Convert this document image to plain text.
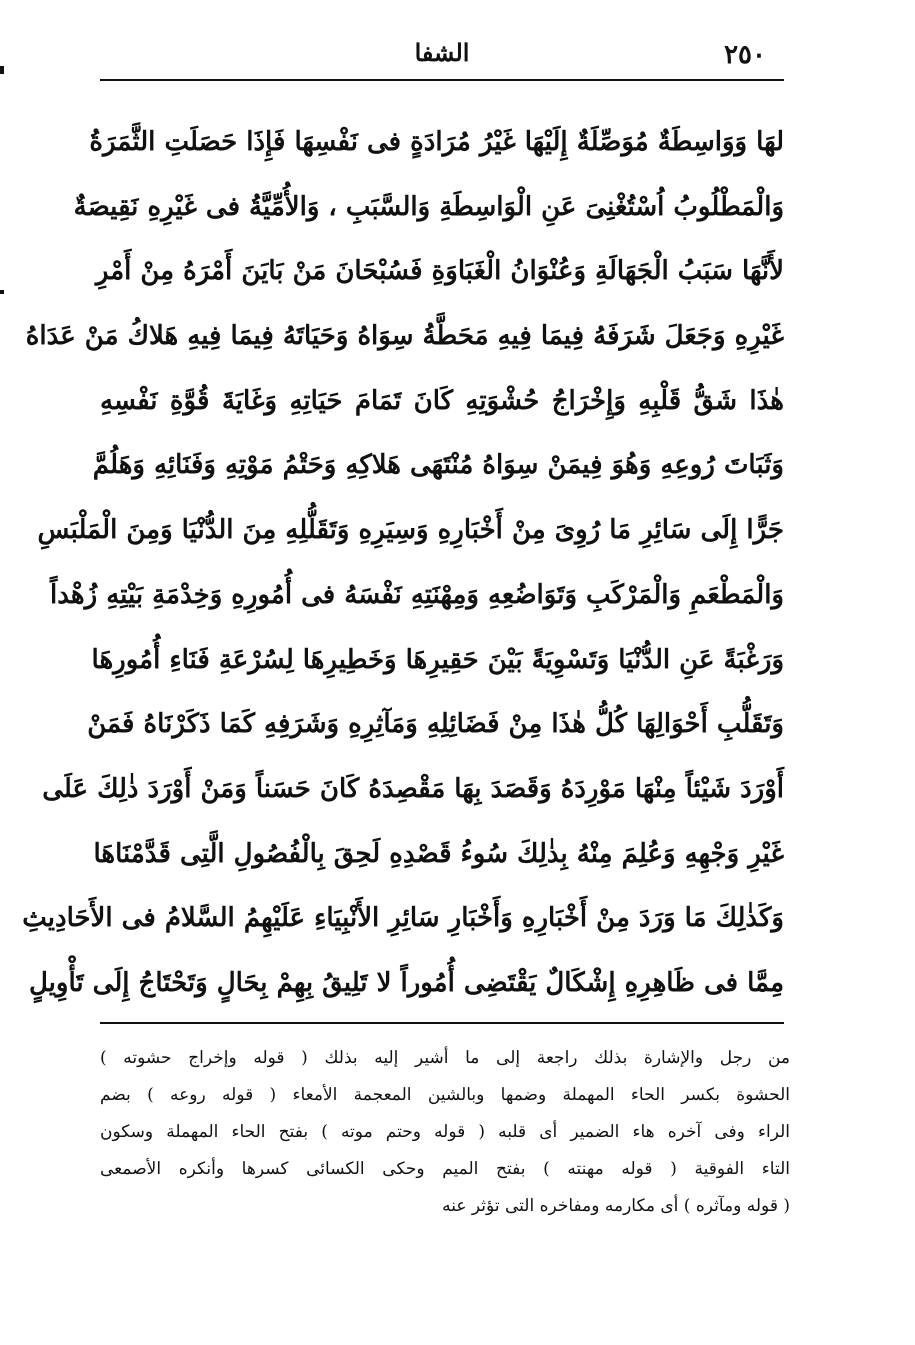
٢٥٠
الشفا
لهَا وَوَاسِطَةٌ مُوَصِّلَةٌ إِلَيْهَا غَيْرُ مُرَادَةٍ فى نَفْسِهَا فَإِذَا حَصَلَتِ الثَّمَرَةُ
وَالْمَطْلُوبُ اُسْتُغْنِىَ عَنِ الْوَاسِطَةِ وَالسَّبَبِ ، وَالأُمِّيَّةُ فى غَيْرِهِ نَقِيصَةٌ
لأَنَّهَا سَبَبُ الْجَهَالَةِ وَعُنْوَانُ الْغَبَاوَةِ فَسُبْحَانَ مَنْ بَايَنَ أَمْرَهُ مِنْ أَمْرِ
غَيْرِهِ وَجَعَلَ شَرَفَهُ فِيمَا فِيهِ مَحَطَّةُ سِوَاهُ وَحَيَاتَهُ فِيمَا فِيهِ هَلاكُ مَنْ عَدَاهُ
هٰذَا شَقُّ قَلْبِهِ وَإِخْرَاجُ حُشْوَتِهِ كَانَ تَمَامَ حَيَاتِهِ وَغَايَةَ قُوَّةِ نَفْسِهِ
وَثَبَاتَ رُوعِهِ وَهُوَ فِيمَنْ سِوَاهُ مُنْتَهَى هَلاكِهِ وَحَتْمُ مَوْتِهِ وَفَنَائِهِ وَهَلُمَّ
جَرًّا إِلَى سَائِرِ مَا رُوِىَ مِنْ أَخْبَارِهِ وَسِيَرِهِ وَتَقَلُّلِهِ مِنَ الدُّنْيَا وَمِنَ الْمَلْبَسِ
وَالْمَطْعَمِ وَالْمَرْكَبِ وَتَوَاضُعِهِ وَمِهْنَتِهِ نَفْسَهُ فى أُمُورِهِ وَخِدْمَةِ بَيْتِهِ زُهْداً
وَرَغْبَةً عَنِ الدُّنْيَا وَتَسْوِيَةً بَيْنَ حَقِيرِهَا وَخَطِيرِهَا لِسُرْعَةِ فَنَاءِ أُمُورِهَا
وَتَقَلُّبِ أَحْوَالِهَا كُلُّ هٰذَا مِنْ فَضَائِلِهِ وَمَآثِرِهِ وَشَرَفِهِ كَمَا ذَكَرْنَاهُ فَمَنْ
أَوْرَدَ شَيْئاً مِنْهَا مَوْرِدَهُ وَقَصَدَ بِهَا مَقْصِدَهُ كَانَ حَسَناً وَمَنْ أَوْرَدَ ذٰلِكَ عَلَى
غَيْرِ وَجْهِهِ وَعُلِمَ مِنْهُ بِذٰلِكَ سُوءُ قَصْدِهِ لَحِقَ بِالْفُصُولِ الَّتِى قَدَّمْنَاهَا
وَكَذٰلِكَ مَا وَرَدَ مِنْ أَخْبَارِهِ وَأَخْبَارِ سَائِرِ الأَنْبِيَاءِ عَلَيْهِمُ السَّلامُ فى الأَحَادِيثِ
مِمَّا فى ظَاهِرِهِ إِشْكَالٌ يَقْتَضِى أُمُوراً لا تَلِيقُ بِهِمْ بِحَالٍ وَتَحْتَاجُ إِلَى تَأْوِيلٍ
من رجل والإشارة بذلك راجعة إلى ما أشير إليه بذلك ( قوله وإخراج حشوته )
الحشوة بكسر الحاء المهملة وضمها وبالشين المعجمة الأمعاء ( قوله روعه ) بضم
الراء وفى آخره هاء الضمير أى قلبه ( قوله وحتم موته ) بفتح الحاء المهملة وسكون
التاء الفوقية ( قوله مهنته ) بفتح الميم وحكى الكسائى كسرها وأنكره الأصمعى
( قوله ومآثره ) أى مكارمه ومفاخره التى تؤثر عنه
